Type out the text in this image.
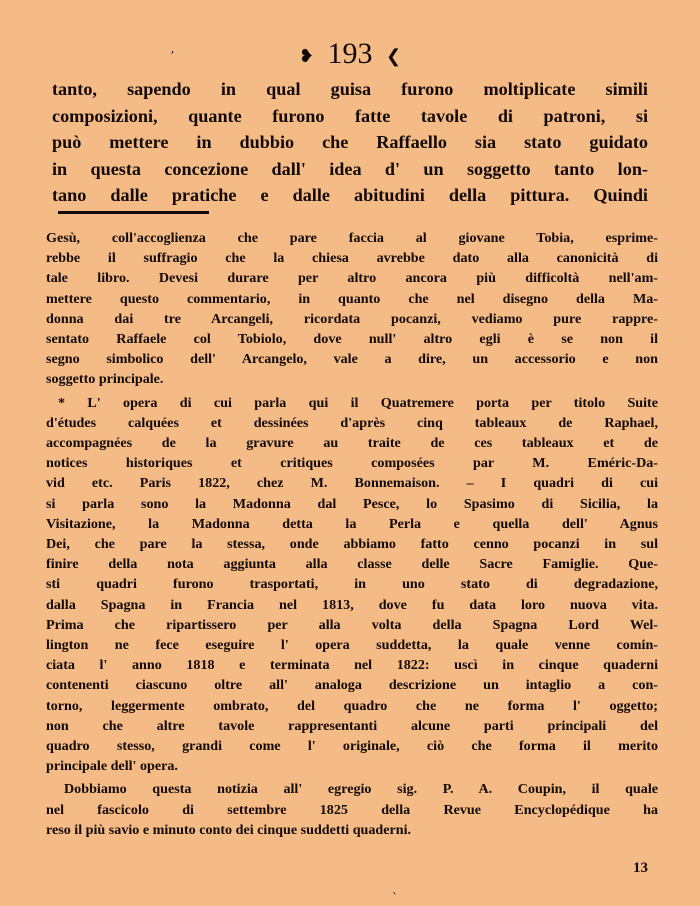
ʼ	❥ 193 ❮
tanto, sapendo in qual guisa furono moltiplicate simili
composizioni, quante furono fatte tavole di patroni, si
può mettere in dubbio che Raffaello sia stato guidato
in questa concezione dall' idea d' un soggetto tanto lon-
tano dalle pratiche e dalle abitudini della pittura. Quindi
Gesù, coll'accoglienza che pare faccia al giovane Tobia, esprime-
rebbe il suffragio che la chiesa avrebbe dato alla canonicità di
tale libro. Devesi durare per altro ancora più difficoltà nell'am-
mettere questo commentario, in quanto che nel disegno della Ma-
donna dai tre Arcangeli, ricordata pocanzi, vediamo pure rappre-
sentato Raffaele col Tobiolo, dove null' altro egli è se non il
segno simbolico dell' Arcangelo, vale a dire, un accessorio e non
soggetto principale.
* L' opera di cui parla qui il Quatremere porta per titolo Suite
d'études calquées et dessinées d'après cinq tableaux de Raphael,
accompagnées de la gravure au traite de ces tableaux et de
notices historiques et critiques composées par M. Eméric-Da-
vid etc. Paris 1822, chez M. Bonnemaison. – I quadri di cui
si parla sono la Madonna dal Pesce, lo Spasimo di Sicilia, la
Visitazione, la Madonna detta la Perla e quella dell' Agnus
Dei, che pare la stessa, onde abbiamo fatto cenno pocanzi in sul
finire della nota aggiunta alla classe delle Sacre Famiglie. Que-
sti quadri furono trasportati, in uno stato di degradazione,
dalla Spagna in Francia nel 1813, dove fu data loro nuova vita.
Prima che ripartissero per alla volta della Spagna Lord Wel-
lington ne fece eseguire l' opera suddetta, la quale venne comin-
ciata l' anno 1818 e terminata nel 1822: uscì in cinque quaderni
contenenti ciascuno oltre all' analoga descrizione un intaglio a con-
torno, leggermente ombrato, del quadro che ne forma l' oggetto;
non che altre tavole rappresentanti alcune parti principali del
quadro stesso, grandi come l' originale, ciò che forma il merito
principale dell' opera.
Dobbiamo questa notizia all' egregio sig. P. A. Coupin, il quale
nel fascicolo di settembre 1825 della Revue Encyclopédique ha
reso il più savio e minuto conto dei cinque suddetti quaderni.
13
ˋ
